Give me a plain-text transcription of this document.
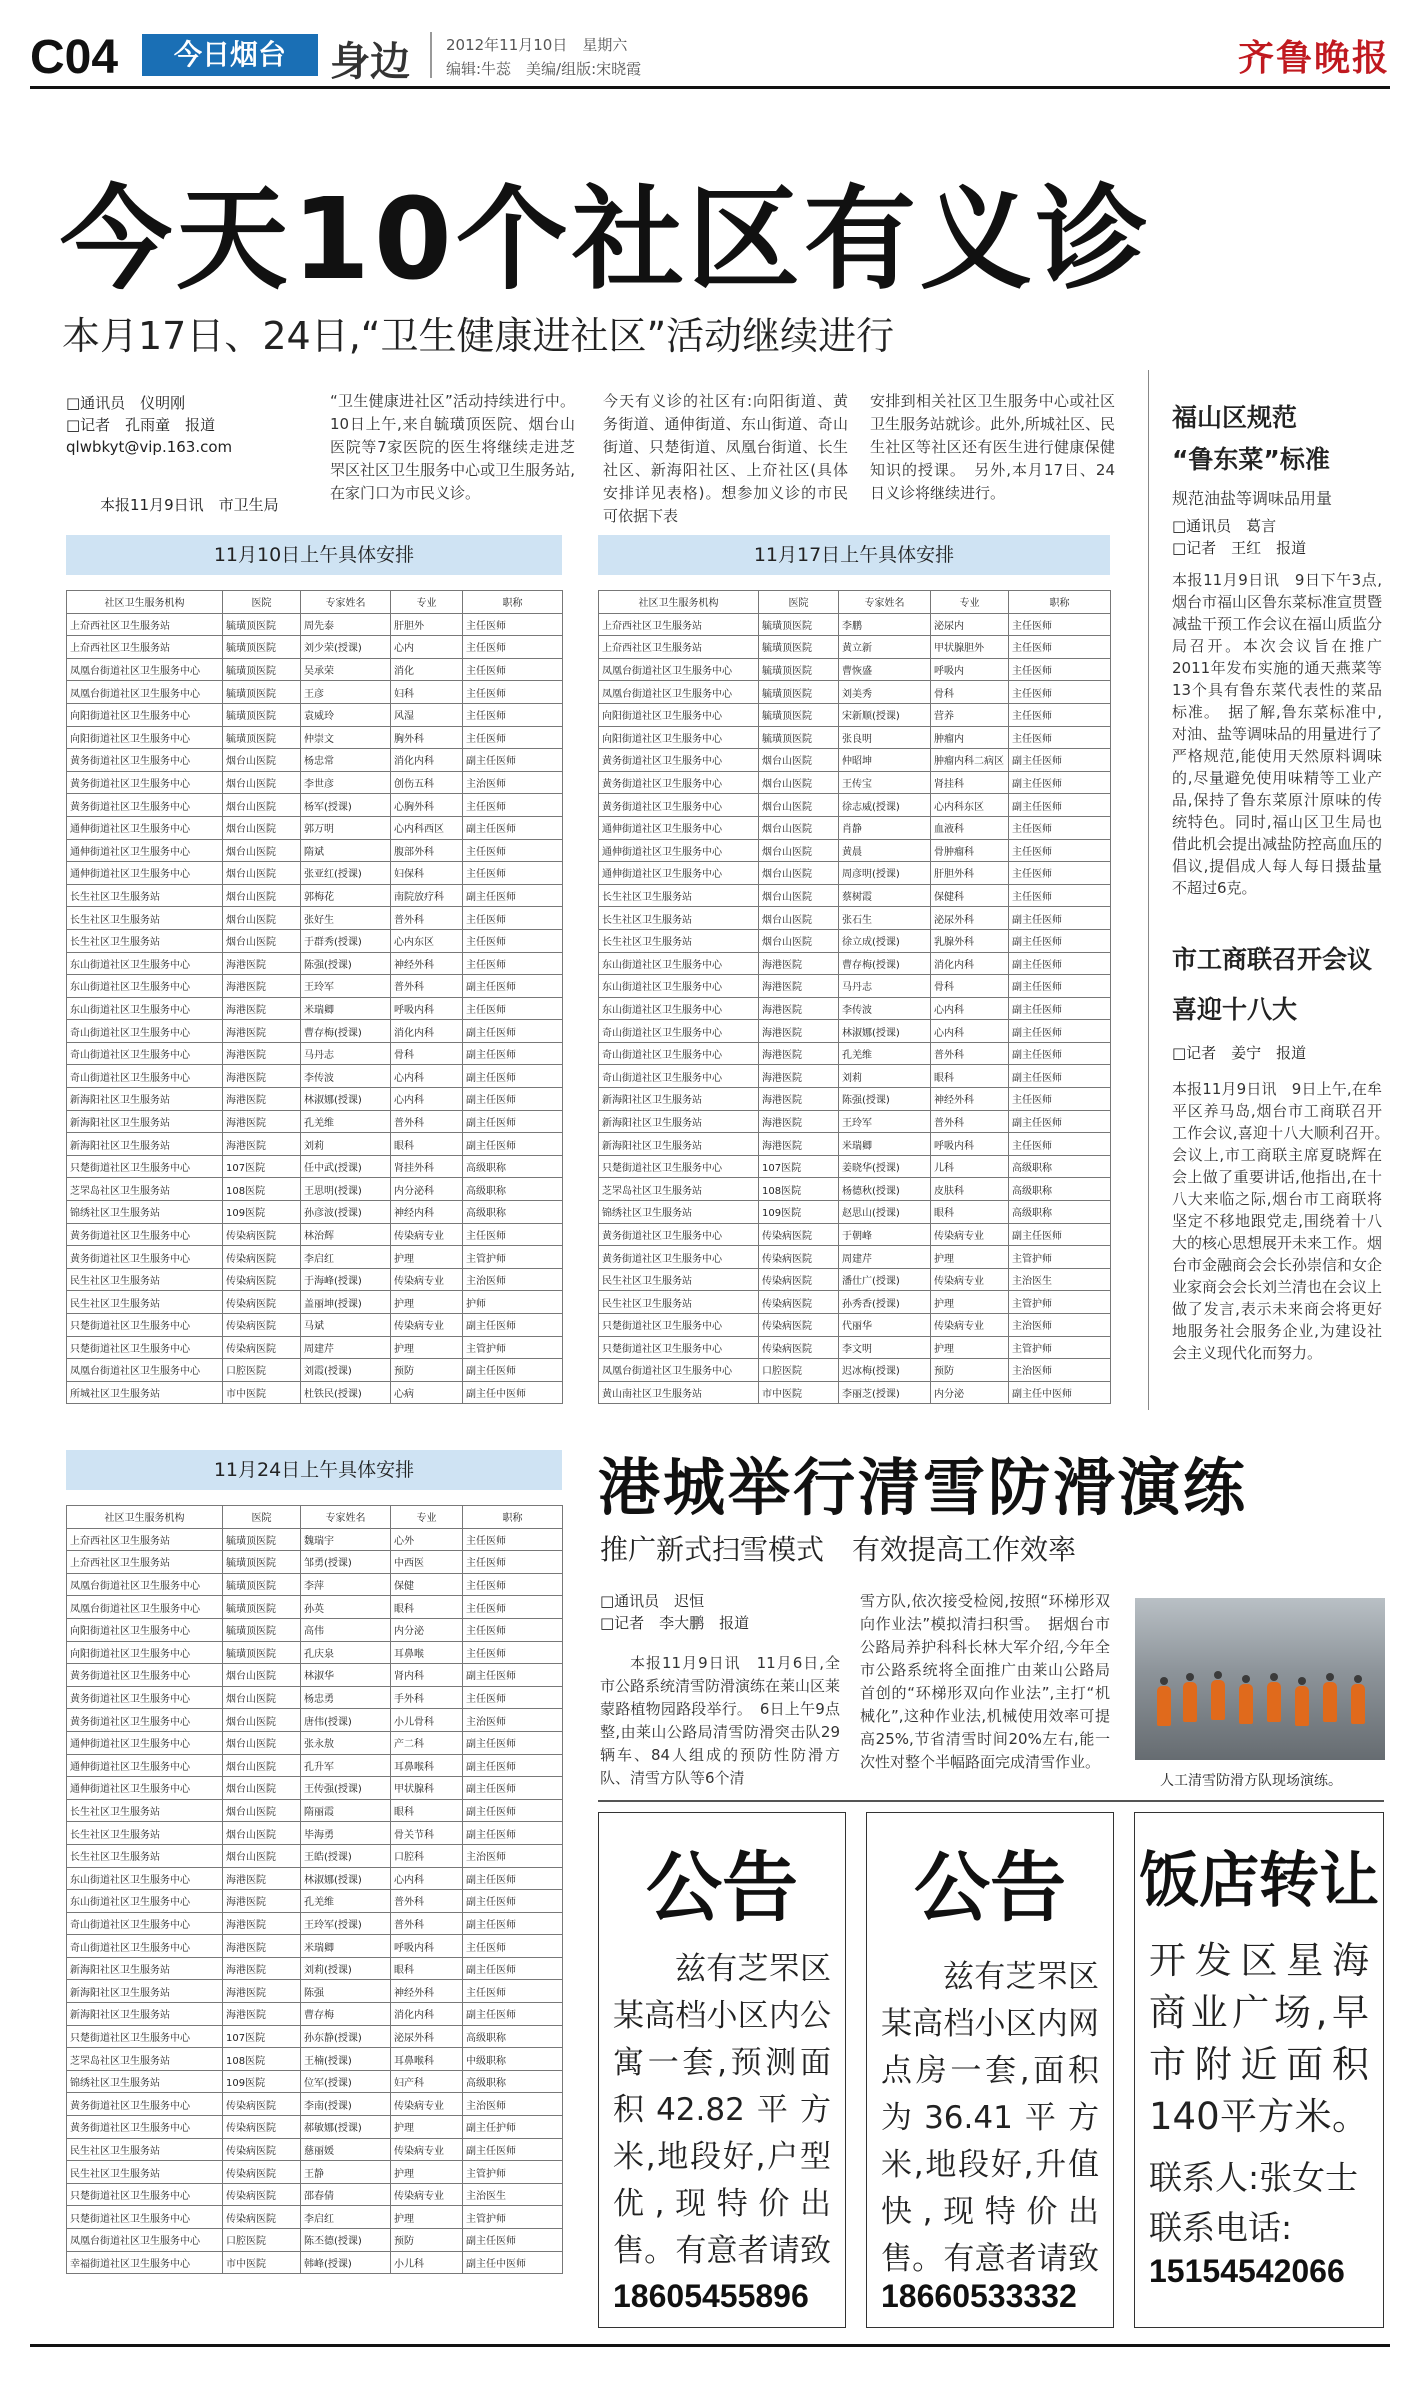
C04	今日烟台	身边 2012年11月10日　星期六
编辑:牛蕊　美编/组版:宋晓霞	齐鲁晚报
今天10个社区有义诊
本月17日、24日,“卫生健康进社区”活动继续进行
□通讯员　仪明刚
□记者　孔雨童　报道
qlwbkyt@vip.163.com
本报11月9日讯　市卫生局
“卫生健康进社区”活动持续进行中。10日上午,来自毓璜顶医院、烟台山医院等7家医院的医生将继续走进芝罘区社区卫生服务中心或卫生服务站,在家门口为市民义诊。
今天有义诊的社区有:向阳街道、黄务街道、通伸街道、东山街道、奇山街道、只楚街道、凤凰台街道、长生社区、新海阳社区、上夼社区(具体安排详见表格)。想参加义诊的市民可依据下表
安排到相关社区卫生服务中心或社区卫生服务站就诊。此外,所城社区、民生社区等社区还有医生进行健康保健知识的授课。　另外,本月17日、24日义诊将继续进行。
11月10日上午具体安排
社区卫生服务机构	医院	专家姓名	专业	职称
上夼西社区卫生服务站	毓璜顶医院	周先泰	肝胆外	主任医师
上夼西社区卫生服务站	毓璜顶医院	刘少荣(授课)	心内	主任医师
凤凰台街道社区卫生服务中心	毓璜顶医院	吴承荣	消化	主任医师
凤凰台街道社区卫生服务中心	毓璜顶医院	王彦	妇科	主任医师
向阳街道社区卫生服务中心	毓璜顶医院	袁威玲	风湿	主任医师
向阳街道社区卫生服务中心	毓璜顶医院	仲崇文	胸外科	主任医师
黄务街道社区卫生服务中心	烟台山医院	杨忠常	消化内科	副主任医师
黄务街道社区卫生服务中心	烟台山医院	李世彦	创伤五科	主治医师
黄务街道社区卫生服务中心	烟台山医院	杨军(授课)	心胸外科	主任医师
通伸街道社区卫生服务中心	烟台山医院	郭万明	心内科西区	副主任医师
通伸街道社区卫生服务中心	烟台山医院	隋斌	腹部外科	主任医师
通伸街道社区卫生服务中心	烟台山医院	张亚红(授课)	妇保科	主任医师
长生社区卫生服务站	烟台山医院	郭梅花	南院放疗科	副主任医师
长生社区卫生服务站	烟台山医院	张好生	普外科	主任医师
长生社区卫生服务站	烟台山医院	于群秀(授课)	心内东区	主任医师
东山街道社区卫生服务中心	海港医院	陈强(授课)	神经外科	主任医师
东山街道社区卫生服务中心	海港医院	王玲军	普外科	副主任医师
东山街道社区卫生服务中心	海港医院	米瑞卿	呼吸内科	主任医师
奇山街道社区卫生服务中心	海港医院	曹存梅(授课)	消化内科	副主任医师
奇山街道社区卫生服务中心	海港医院	马丹志	骨科	副主任医师
奇山街道社区卫生服务中心	海港医院	李传波	心内科	副主任医师
新海阳社区卫生服务站	海港医院	林淑娜(授课)	心内科	副主任医师
新海阳社区卫生服务站	海港医院	孔羌维	普外科	副主任医师
新海阳社区卫生服务站	海港医院	刘莉	眼科	副主任医师
只楚街道社区卫生服务中心	107医院	任中武(授课)	肾挂外科	高级职称
芝罘岛社区卫生服务站	108医院	王思明(授课)	内分泌科	高级职称
锦绣社区卫生服务站	109医院	孙彦波(授课)	神经内科	高级职称
黄务街道社区卫生服务中心	传染病医院	林治辉	传染病专业	主任医师
黄务街道社区卫生服务中心	传染病医院	李启红	护理	主管护师
民生社区卫生服务站	传染病医院	于海峰(授课)	传染病专业	主治医师
民生社区卫生服务站	传染病医院	盖丽坤(授课)	护理	护师
只楚街道社区卫生服务中心	传染病医院	马斌	传染病专业	副主任医师
只楚街道社区卫生服务中心	传染病医院	周建芹	护理	主管护师
凤凰台街道社区卫生服务中心	口腔医院	刘霞(授课)	预防	副主任医师
所城社区卫生服务站	市中医院	杜铁民(授课)	心病	副主任中医师
11月17日上午具体安排
社区卫生服务机构	医院	专家姓名	专业	职称
上夼西社区卫生服务站	毓璜顶医院	李鹏	泌尿内	主任医师
上夼西社区卫生服务站	毓璜顶医院	黄立新	甲状腺胆外	主任医师
凤凰台街道社区卫生服务中心	毓璜顶医院	曹恢盛	呼吸内	主任医师
凤凰台街道社区卫生服务中心	毓璜顶医院	刘美秀	骨科	主任医师
向阳街道社区卫生服务中心	毓璜顶医院	宋新顺(授课)	营养	主任医师
向阳街道社区卫生服务中心	毓璜顶医院	张良明	肿瘤内	主任医师
黄务街道社区卫生服务中心	烟台山医院	仲昭坤	肿瘤内科二病区	副主任医师
黄务街道社区卫生服务中心	烟台山医院	王传宝	肾挂科	副主任医师
黄务街道社区卫生服务中心	烟台山医院	徐志威(授课)	心内科东区	副主任医师
通伸街道社区卫生服务中心	烟台山医院	肖静	血液科	主任医师
通伸街道社区卫生服务中心	烟台山医院	黄晨	骨肿瘤科	主任医师
通伸街道社区卫生服务中心	烟台山医院	周彦明(授课)	肝胆外科	主任医师
长生社区卫生服务站	烟台山医院	蔡树霞	保健科	主任医师
长生社区卫生服务站	烟台山医院	张石生	泌尿外科	副主任医师
长生社区卫生服务站	烟台山医院	徐立成(授课)	乳腺外科	副主任医师
东山街道社区卫生服务中心	海港医院	曹存梅(授课)	消化内科	副主任医师
东山街道社区卫生服务中心	海港医院	马丹志	骨科	副主任医师
东山街道社区卫生服务中心	海港医院	李传波	心内科	副主任医师
奇山街道社区卫生服务中心	海港医院	林淑娜(授课)	心内科	副主任医师
奇山街道社区卫生服务中心	海港医院	孔羌维	普外科	副主任医师
奇山街道社区卫生服务中心	海港医院	刘莉	眼科	副主任医师
新海阳社区卫生服务站	海港医院	陈强(授课)	神经外科	主任医师
新海阳社区卫生服务站	海港医院	王玲军	普外科	副主任医师
新海阳社区卫生服务站	海港医院	米瑞卿	呼吸内科	主任医师
只楚街道社区卫生服务中心	107医院	姜晓华(授课)	儿科	高级职称
芝罘岛社区卫生服务站	108医院	杨德秋(授课)	皮肤科	高级职称
锦绣社区卫生服务站	109医院	赵思山(授课)	眼科	高级职称
黄务街道社区卫生服务中心	传染病医院	于朝峰	传染病专业	副主任医师
黄务街道社区卫生服务中心	传染病医院	周建芹	护理	主管护师
民生社区卫生服务站	传染病医院	潘仕广(授课)	传染病专业	主治医生
民生社区卫生服务站	传染病医院	孙秀香(授课)	护理	主管护师
只楚街道社区卫生服务中心	传染病医院	代丽华	传染病专业	主治医师
只楚街道社区卫生服务中心	传染病医院	李文明	护理	主管护师
凤凰台街道社区卫生服务中心	口腔医院	迟冰梅(授课)	预防	主治医师
黄山南社区卫生服务站	市中医院	李丽芝(授课)	内分泌	副主任中医师
11月24日上午具体安排
社区卫生服务机构	医院	专家姓名	专业	职称
上夼西社区卫生服务站	毓璜顶医院	魏瑞宇	心外	主任医师
上夼西社区卫生服务站	毓璜顶医院	邹勇(授课)	中西医	主任医师
凤凰台街道社区卫生服务中心	毓璜顶医院	李萍	保健	主任医师
凤凰台街道社区卫生服务中心	毓璜顶医院	孙英	眼科	主任医师
向阳街道社区卫生服务中心	毓璜顶医院	高伟	内分泌	主任医师
向阳街道社区卫生服务中心	毓璜顶医院	孔庆泉	耳鼻喉	主任医师
黄务街道社区卫生服务中心	烟台山医院	林淑华	肾内科	副主任医师
黄务街道社区卫生服务中心	烟台山医院	杨忠勇	手外科	主任医师
黄务街道社区卫生服务中心	烟台山医院	唐伟(授课)	小儿骨科	主治医师
通伸街道社区卫生服务中心	烟台山医院	张永敖	产二科	副主任医师
通伸街道社区卫生服务中心	烟台山医院	孔升军	耳鼻喉科	副主任医师
通伸街道社区卫生服务中心	烟台山医院	王传强(授课)	甲状腺科	副主任医师
长生社区卫生服务站	烟台山医院	隋丽霞	眼科	副主任医师
长生社区卫生服务站	烟台山医院	毕海勇	骨关节科	副主任医师
长生社区卫生服务站	烟台山医院	王皓(授课)	口腔科	主治医师
东山街道社区卫生服务中心	海港医院	林淑娜(授课)	心内科	副主任医师
东山街道社区卫生服务中心	海港医院	孔羌维	普外科	副主任医师
奇山街道社区卫生服务中心	海港医院	王玲军(授课)	普外科	副主任医师
奇山街道社区卫生服务中心	海港医院	米瑞卿	呼吸内科	主任医师
新海阳社区卫生服务站	海港医院	刘莉(授课)	眼科	副主任医师
新海阳社区卫生服务站	海港医院	陈强	神经外科	主任医师
新海阳社区卫生服务站	海港医院	曹存梅	消化内科	副主任医师
只楚街道社区卫生服务中心	107医院	孙东静(授课)	泌尿外科	高级职称
芝罘岛社区卫生服务站	108医院	王楠(授课)	耳鼻喉科	中级职称
锦绣社区卫生服务站	109医院	位军(授课)	妇产科	高级职称
黄务街道社区卫生服务中心	传染病医院	李南(授课)	传染病专业	主治医师
黄务街道社区卫生服务中心	传染病医院	郝敏娜(授课)	护理	副主任护师
民生社区卫生服务站	传染病医院	慈丽媛	传染病专业	副主任医师
民生社区卫生服务站	传染病医院	王静	护理	主管护师
只楚街道社区卫生服务中心	传染病医院	邵春倩	传染病专业	主治医生
只楚街道社区卫生服务中心	传染病医院	李启红	护理	主管护师
凤凰台街道社区卫生服务中心	口腔医院	陈丕德(授课)	预防	副主任医师
幸福街道社区卫生服务中心	市中医院	韩峰(授课)	小儿科	副主任中医师
福山区规范
“鲁东菜”标准
规范油盐等调味品用量
□通讯员　葛言
□记者　王红　报道
本报11月9日讯　9日下午3点,烟台市福山区鲁东菜标准宣贯暨减盐干预工作会议在福山质监分局召开。本次会议旨在推广2011年发布实施的通天燕菜等13个具有鲁东菜代表性的菜品标准。　据了解,鲁东菜标准中,对油、盐等调味品的用量进行了严格规范,能使用天然原料调味的,尽量避免使用味精等工业产品,保持了鲁东菜原汁原味的传统特色。同时,福山区卫生局也借此机会提出减盐防控高血压的倡议,提倡成人每人每日摄盐量不超过6克。
市工商联召开会议
喜迎十八大
□记者　姜宁　报道
本报11月9日讯　9日上午,在牟平区养马岛,烟台市工商联召开工作会议,喜迎十八大顺利召开。　会议上,市工商联主席夏晓辉在会上做了重要讲话,他指出,在十八大来临之际,烟台市工商联将坚定不移地跟党走,围绕着十八大的核心思想展开未来工作。烟台市金融商会会长孙崇信和女企业家商会会长刘兰清也在会议上做了发言,表示未来商会将更好地服务社会服务企业,为建设社会主义现代化而努力。
港城举行清雪防滑演练
推广新式扫雪模式　有效提高工作效率
□通讯员　迟恒
□记者　李大鹏　报道
本报11月9日讯　11月6日,全市公路系统清雪防滑演练在莱山区莱蒙路植物园路段举行。　6日上午9点整,由莱山公路局清雪防滑突击队29辆车、84人组成的预防性防滑方队、清雪方队等6个清
雪方队,依次接受检阅,按照“环梯形双向作业法”模拟清扫积雪。　据烟台市公路局养护科科长林大军介绍,今年全市公路系统将全面推广由莱山公路局首创的“环梯形双向作业法”,主打“机械化”,这种作业法,机械使用效率可提高25%,节省清雪时间20%左右,能一次性对整个半幅路面完成清雪作业。
人工清雪防滑方队现场演练。
公告
兹有芝罘区某高档小区内公寓一套,预测面积42.82平方米,地段好,户型优,现特价出售。有意者请致
18605455896
公告
兹有芝罘区某高档小区内网点房一套,面积为36.41平方米,地段好,升值快,现特价出售。有意者请致
18660533332
饭店转让
开发区星海商业广场,早市附近面积140平方米。
联系人:张女士
联系电话:
15154542066
